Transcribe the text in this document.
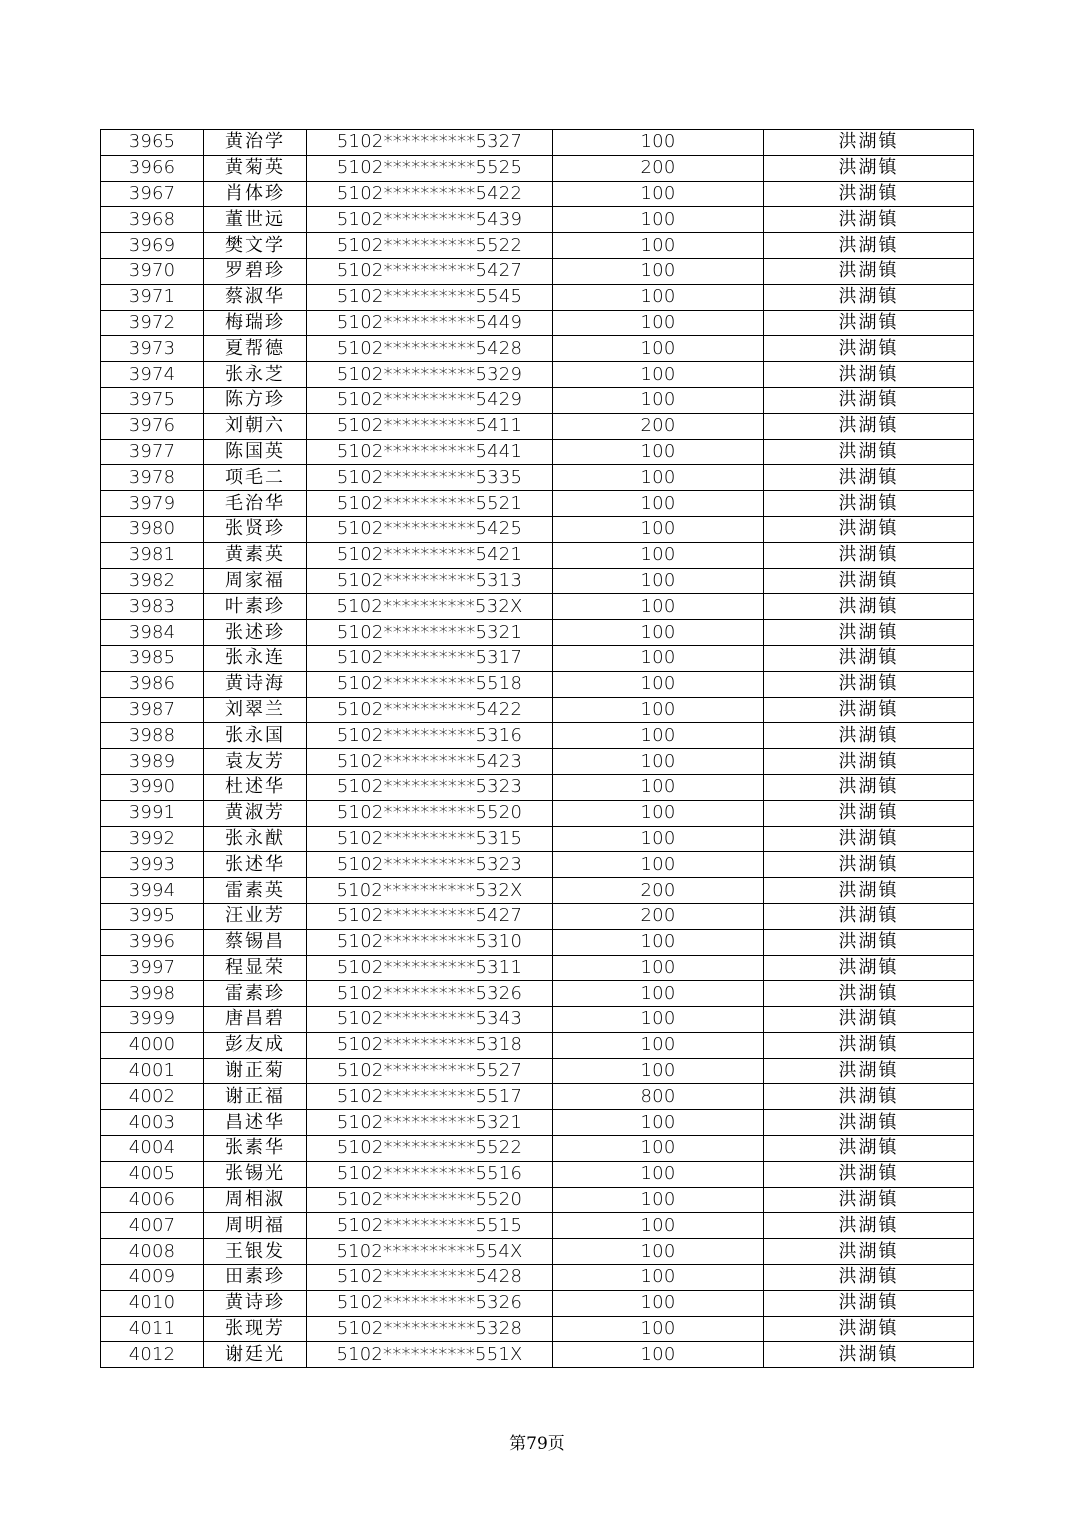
3965	黄治学	5102**********5327	100	洪湖镇
3966	黄菊英	5102**********5525	200	洪湖镇
3967	肖体珍	5102**********5422	100	洪湖镇
3968	董世远	5102**********5439	100	洪湖镇
3969	樊文学	5102**********5522	100	洪湖镇
3970	罗碧珍	5102**********5427	100	洪湖镇
3971	蔡淑华	5102**********5545	100	洪湖镇
3972	梅瑞珍	5102**********5449	100	洪湖镇
3973	夏帮德	5102**********5428	100	洪湖镇
3974	张永芝	5102**********5329	100	洪湖镇
3975	陈方珍	5102**********5429	100	洪湖镇
3976	刘朝六	5102**********5411	200	洪湖镇
3977	陈国英	5102**********5441	100	洪湖镇
3978	项毛二	5102**********5335	100	洪湖镇
3979	毛治华	5102**********5521	100	洪湖镇
3980	张贤珍	5102**********5425	100	洪湖镇
3981	黄素英	5102**********5421	100	洪湖镇
3982	周家福	5102**********5313	100	洪湖镇
3983	叶素珍	5102**********532X	100	洪湖镇
3984	张述珍	5102**********5321	100	洪湖镇
3985	张永连	5102**********5317	100	洪湖镇
3986	黄诗海	5102**********5518	100	洪湖镇
3987	刘翠兰	5102**********5422	100	洪湖镇
3988	张永国	5102**********5316	100	洪湖镇
3989	袁友芳	5102**********5423	100	洪湖镇
3990	杜述华	5102**********5323	100	洪湖镇
3991	黄淑芳	5102**********5520	100	洪湖镇
3992	张永猷	5102**********5315	100	洪湖镇
3993	张述华	5102**********5323	100	洪湖镇
3994	雷素英	5102**********532X	200	洪湖镇
3995	汪业芳	5102**********5427	200	洪湖镇
3996	蔡锡昌	5102**********5310	100	洪湖镇
3997	程显荣	5102**********5311	100	洪湖镇
3998	雷素珍	5102**********5326	100	洪湖镇
3999	唐昌碧	5102**********5343	100	洪湖镇
4000	彭友成	5102**********5318	100	洪湖镇
4001	谢正菊	5102**********5527	100	洪湖镇
4002	谢正福	5102**********5517	800	洪湖镇
4003	昌述华	5102**********5321	100	洪湖镇
4004	张素华	5102**********5522	100	洪湖镇
4005	张锡光	5102**********5516	100	洪湖镇
4006	周相淑	5102**********5520	100	洪湖镇
4007	周明福	5102**********5515	100	洪湖镇
4008	王银发	5102**********554X	100	洪湖镇
4009	田素珍	5102**********5428	100	洪湖镇
4010	黄诗珍	5102**********5326	100	洪湖镇
4011	张现芳	5102**********5328	100	洪湖镇
4012	谢廷光	5102**********551X	100	洪湖镇
第79页
